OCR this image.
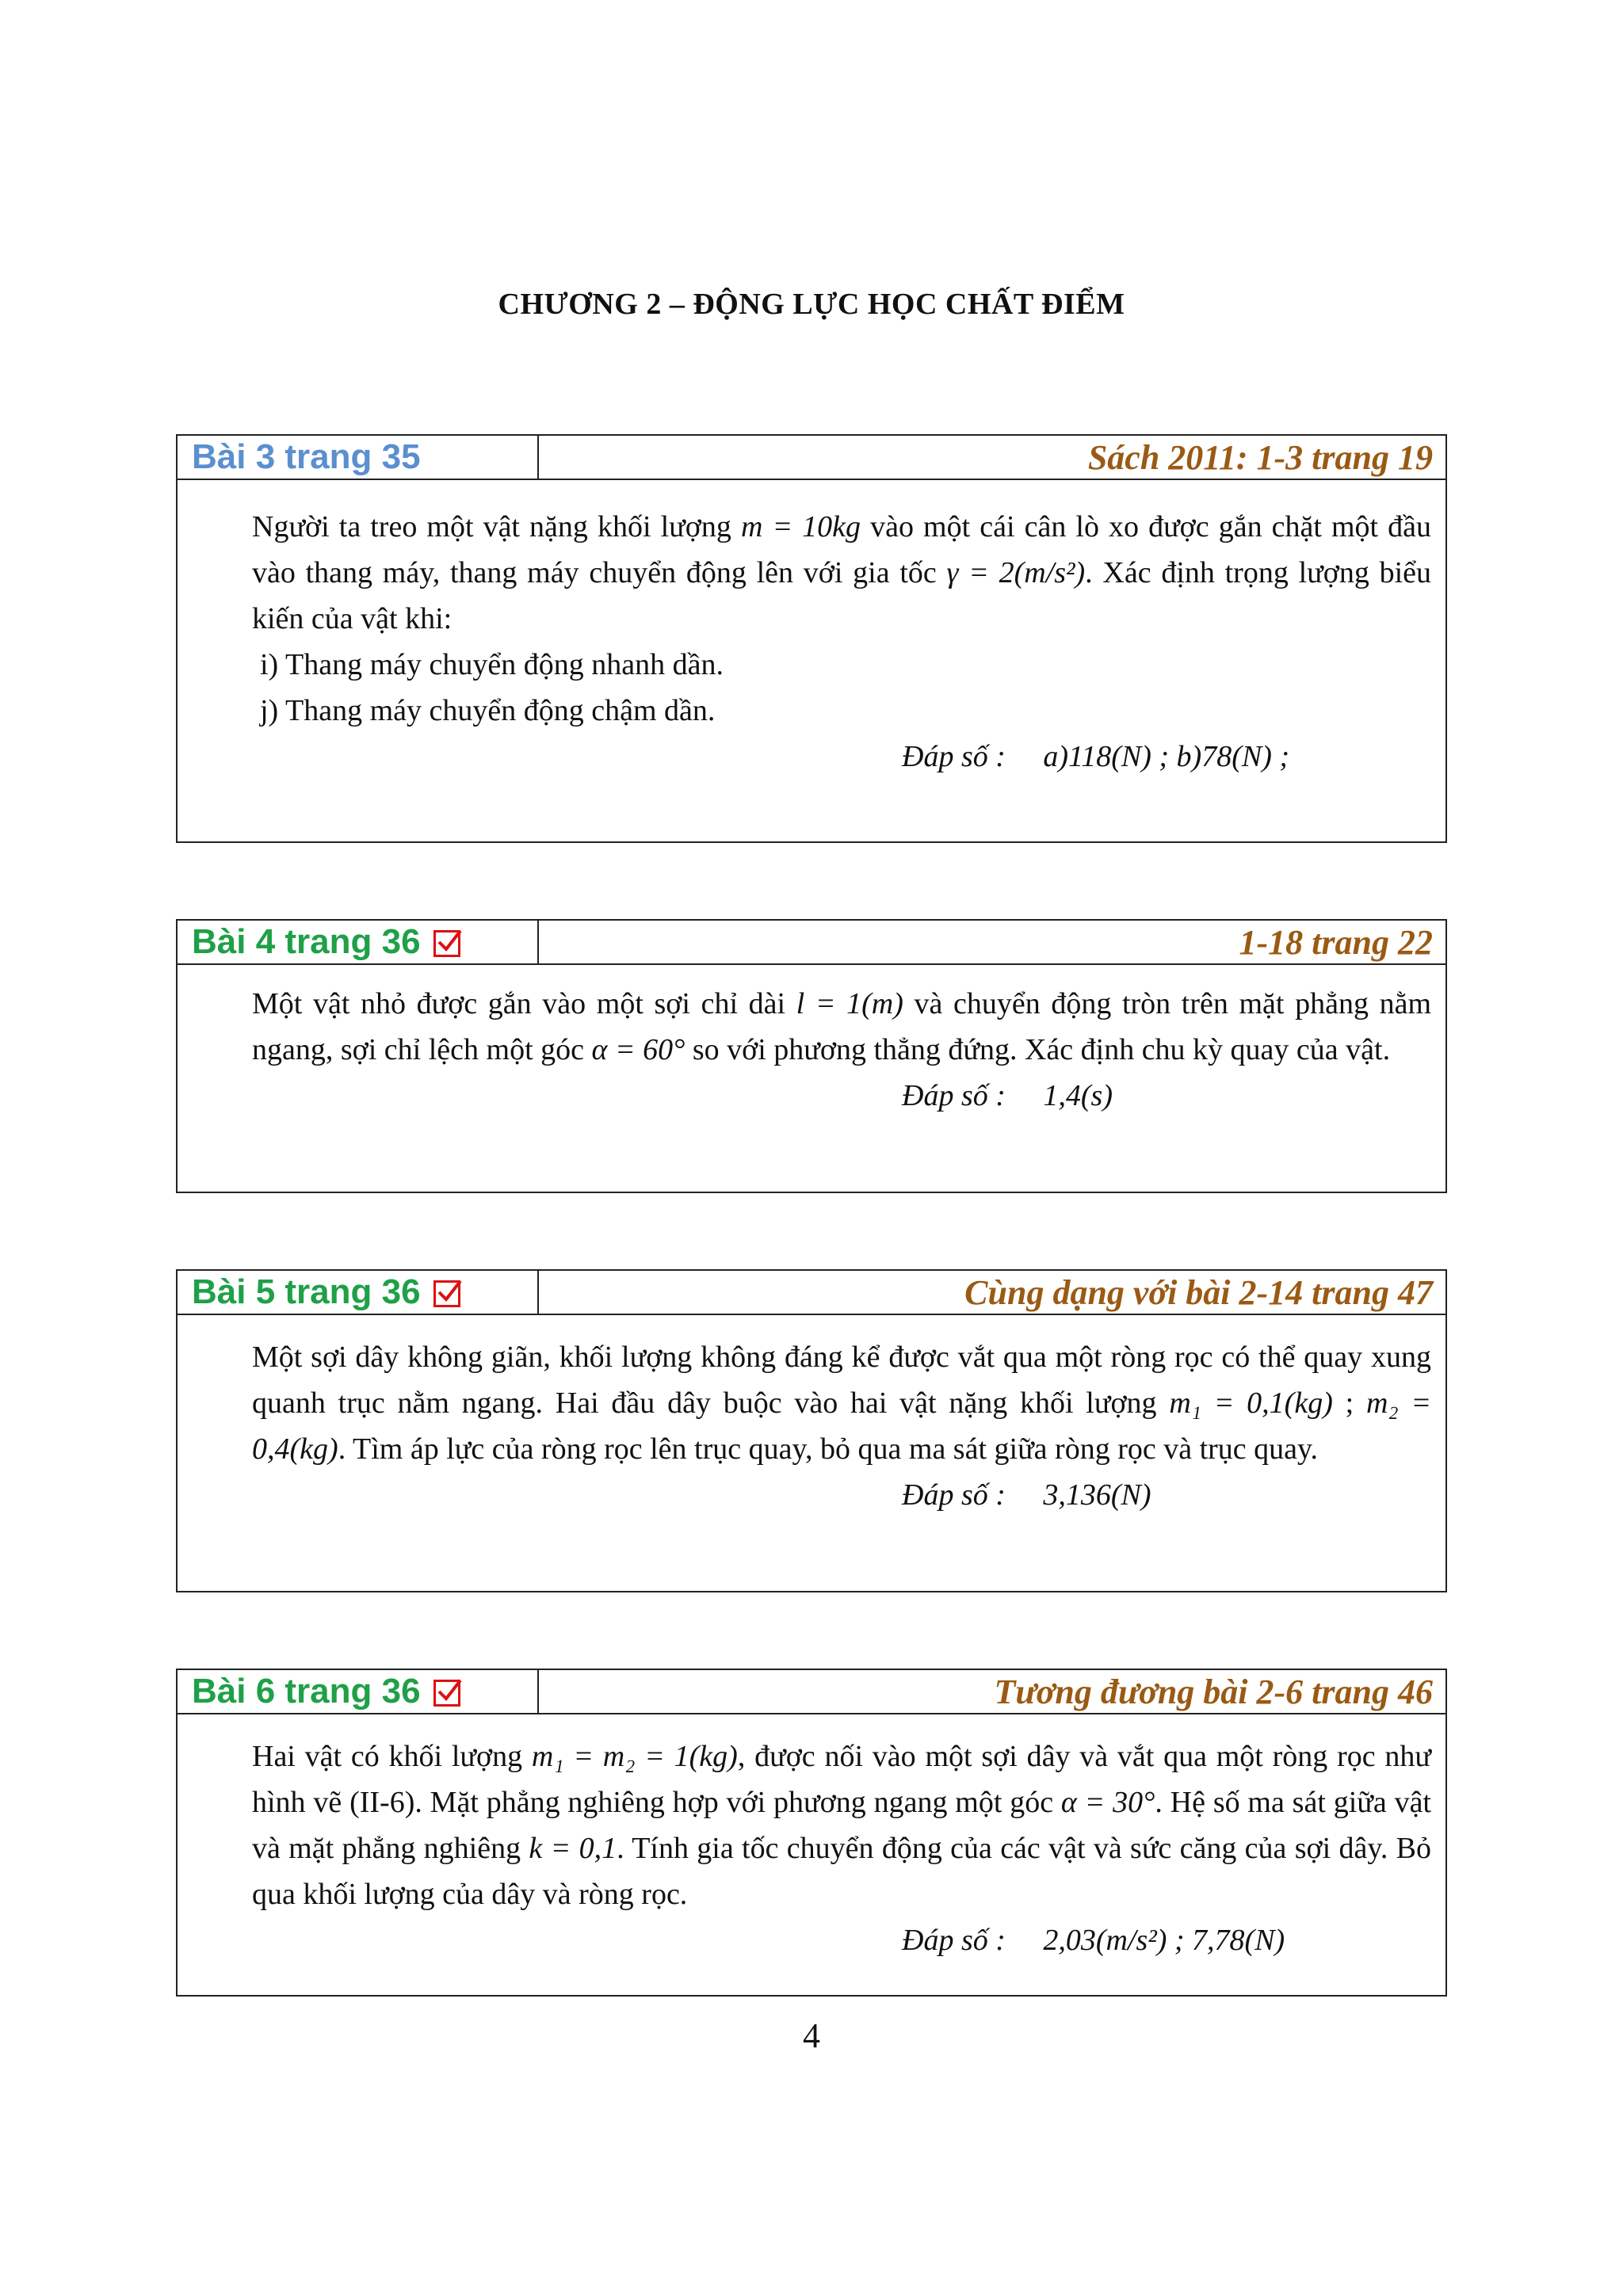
CHƯƠNG 2 – ĐỘNG LỰC HỌC CHẤT ĐIỂM
Bài 3 trang 35	Sách 2011: 1-3 trang 19
Người ta treo một vật nặng khối lượng m = 10kg vào một cái cân lò xo được gắn chặt một đầu vào thang máy, thang máy chuyển động lên với gia tốc γ = 2(m/s²). Xác định trọng lượng biểu kiến của vật khi:
i) Thang máy chuyển động nhanh dần.
j) Thang máy chuyển động chậm dần.
Đáp số : a)118(N) ; b)78(N) ;
Bài 4 trang 36	1-18 trang 22
Một vật nhỏ được gắn vào một sợi chỉ dài l = 1(m) và chuyển động tròn trên mặt phẳng nằm ngang, sợi chỉ lệch một góc α = 60° so với phương thẳng đứng. Xác định chu kỳ quay của vật.
Đáp số : 1,4(s)
Bài 5 trang 36	Cùng dạng với bài 2-14 trang 47
Một sợi dây không giãn, khối lượng không đáng kể được vắt qua một ròng rọc có thể quay xung quanh trục nằm ngang. Hai đầu dây buộc vào hai vật nặng khối lượng m₁ = 0,1(kg) ; m₂ = 0,4(kg). Tìm áp lực của ròng rọc lên trục quay, bỏ qua ma sát giữa ròng rọc và trục quay.
Đáp số : 3,136(N)
Bài 6 trang 36	Tương đương bài 2-6 trang 46
Hai vật có khối lượng m₁ = m₂ = 1(kg), được nối vào một sợi dây và vắt qua một ròng rọc như hình vẽ (II-6). Mặt phẳng nghiêng hợp với phương ngang một góc α = 30°. Hệ số ma sát giữa vật và mặt phẳng nghiêng k = 0,1. Tính gia tốc chuyển động của các vật và sức căng của sợi dây. Bỏ qua khối lượng của dây và ròng rọc.
Đáp số : 2,03(m/s²) ; 7,78(N)
4
